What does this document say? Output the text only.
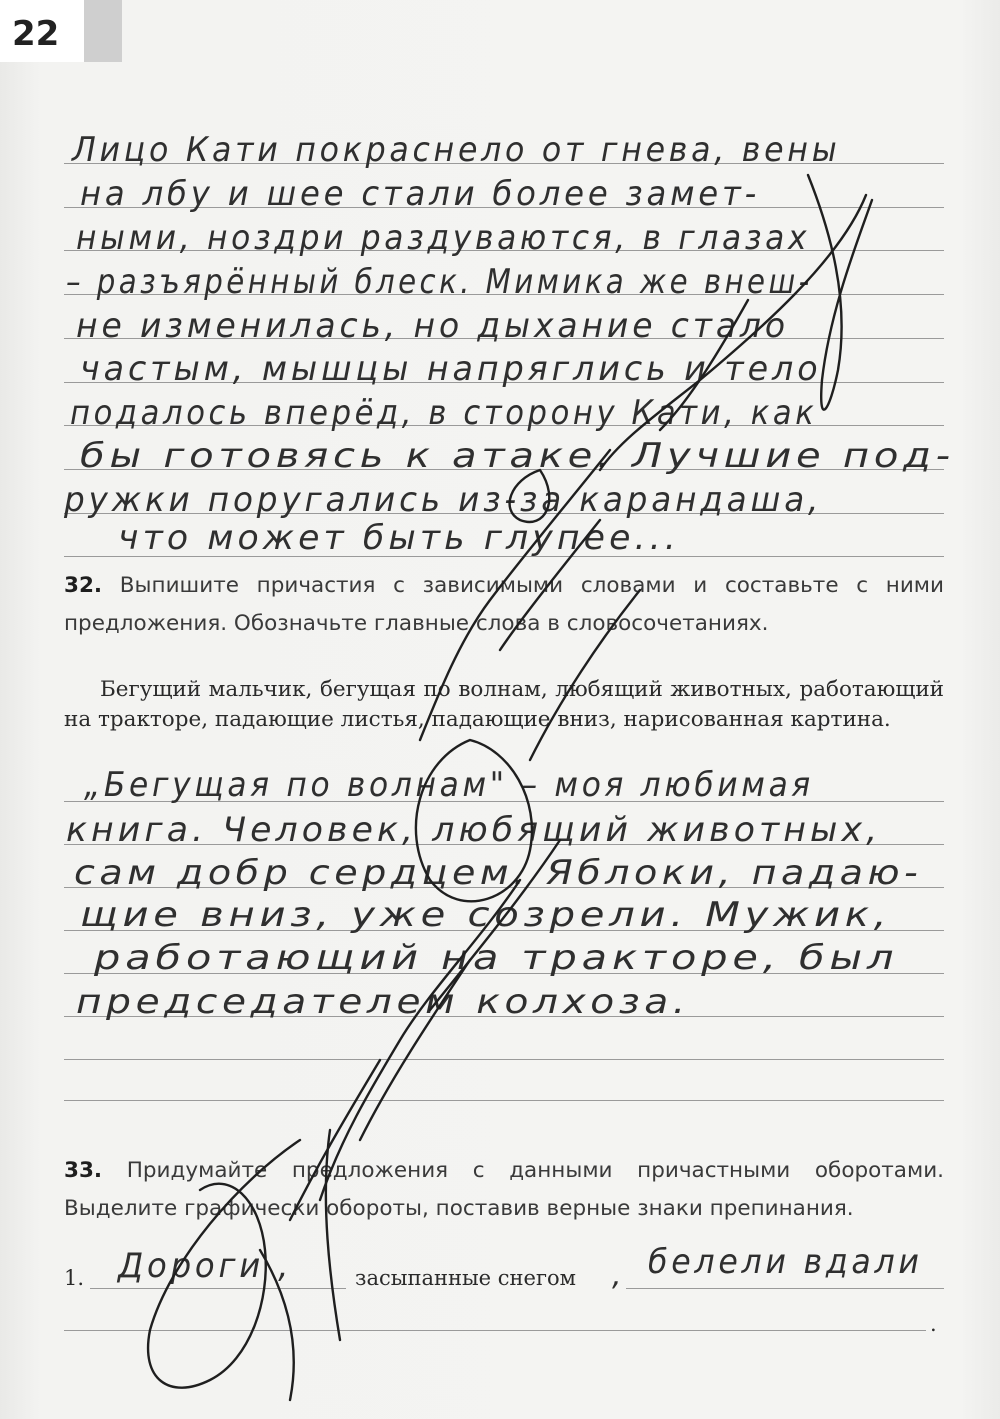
22
Лицо Кати покраснело от гнева, вены
на лбу и шее стали более замет-
ными, ноздри раздуваются, в глазах
– разъярённый блеск. Мимика же внеш-
не изменилась, но дыхание стало
частым, мышцы напряглись и тело
подалось вперёд, в сторону Кати, как
бы готовясь к атаке. Лучшие под-
ружки поругались из-за карандаша,
что может быть глупее...
32. Выпишите причастия с зависимыми словами и составьте с ними предложения. Обозначьте главные слова в словосочетаниях.
Бегущий мальчик, бегущая по волнам, любящий животных, работающий на тракторе, падающие листья, падающие вниз, нарисованная картина.
„Бегущая по волнам" – моя любимая
книга. Человек, любящий животных,
сам добр сердцем. Яблоки, падаю-
щие вниз, уже созрели. Мужик,
работающий на тракторе, был
председателем колхоза.
33. Придумайте предложения с данными причастными оборотами. Выделите графически обороты, поставив верные знаки препинания.
1. Дороги ,	засыпанные снегом , белели вдали
.
